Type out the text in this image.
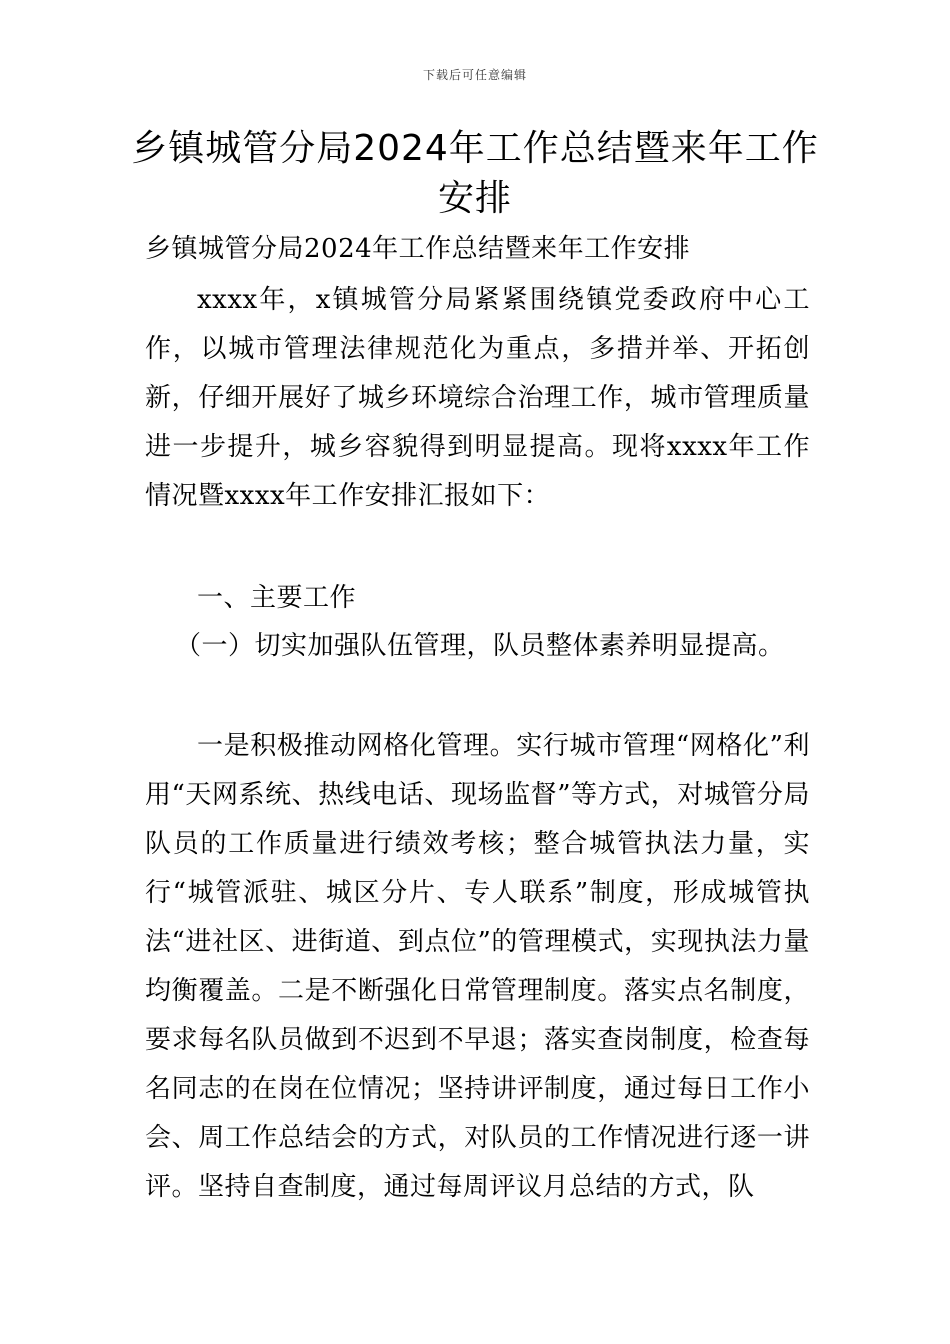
下载后可任意编辑
乡镇城管分局2024年工作总结暨来年工作安排

乡镇城管分局2024年工作总结暨来年工作安排

xxxx年，x镇城管分局紧紧围绕镇党委政府中心工作，以城市管理法律规范化为重点，多措并举、开拓创新，仔细开展好了城乡环境综合治理工作，城市管理质量进一步提升，城乡容貌得到明显提高。现将xxxx年工作情况暨xxxx年工作安排汇报如下：

一、主要工作

（一）切实加强队伍管理，队员整体素养明显提高。

一是积极推动网格化管理。实行城市管理“网格化”利用“天网系统、热线电话、现场监督”等方式，对城管分局队员的工作质量进行绩效考核；整合城管执法力量，实行“城管派驻、城区分片、专人联系”制度，形成城管执法“进社区、进街道、到点位”的管理模式，实现执法力量均衡覆盖。二是不断强化日常管理制度。落实点名制度，要求每名队员做到不迟到不早退；落实查岗制度，检查每名同志的在岗在位情况；坚持讲评制度，通过每日工作小会、周工作总结会的方式，对队员的工作情况进行逐一讲评。坚持自查制度，通过每周评议月总结的方式，队
